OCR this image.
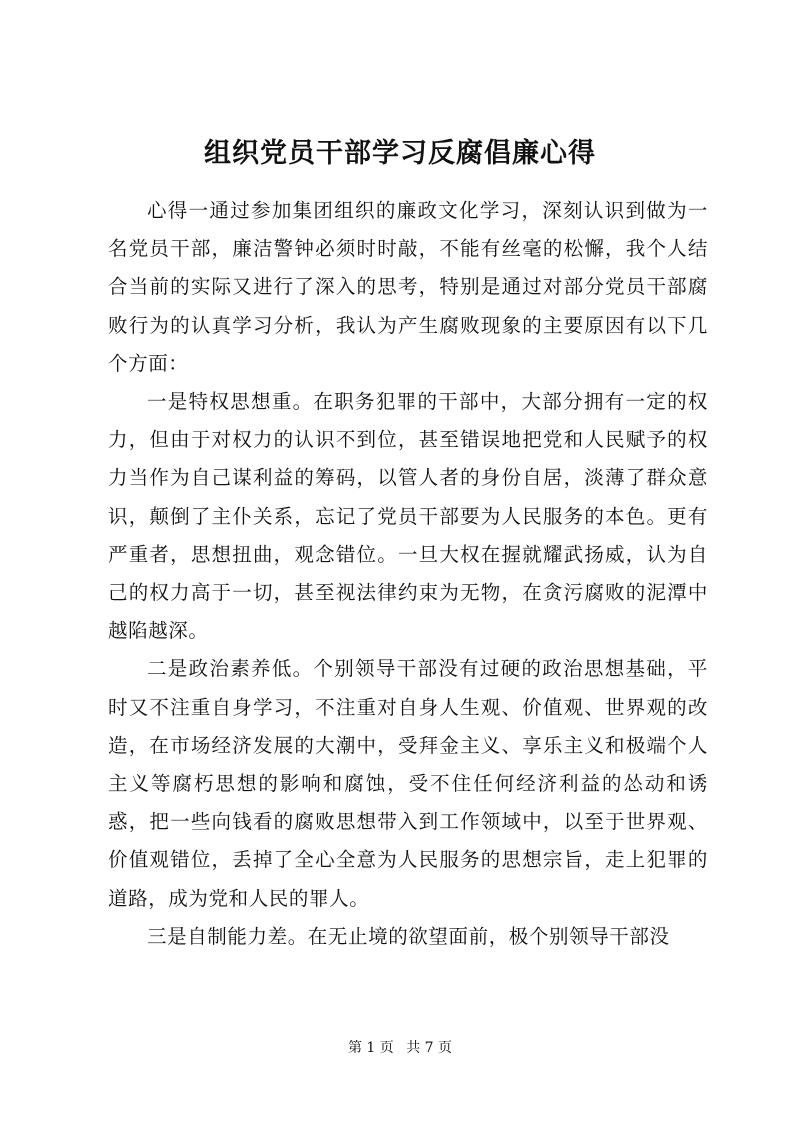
组织党员干部学习反腐倡廉心得

心得一通过参加集团组织的廉政文化学习，深刻认识到做为一名党员干部，廉洁警钟必须时时敲，不能有丝毫的松懈，我个人结合当前的实际又进行了深入的思考，特别是通过对部分党员干部腐败行为的认真学习分析，我认为产生腐败现象的主要原因有以下几个方面：

一是特权思想重。在职务犯罪的干部中，大部分拥有一定的权力，但由于对权力的认识不到位，甚至错误地把党和人民赋予的权力当作为自己谋利益的筹码，以管人者的身份自居，淡薄了群众意识，颠倒了主仆关系，忘记了党员干部要为人民服务的本色。更有严重者，思想扭曲，观念错位。一旦大权在握就耀武扬威，认为自己的权力高于一切，甚至视法律约束为无物，在贪污腐败的泥潭中越陷越深。

二是政治素养低。个别领导干部没有过硬的政治思想基础，平时又不注重自身学习，不注重对自身人生观、价值观、世界观的改造，在市场经济发展的大潮中，受拜金主义、享乐主义和极端个人主义等腐朽思想的影响和腐蚀，受不住任何经济利益的怂动和诱惑，把一些向钱看的腐败思想带入到工作领域中，以至于世界观、价值观错位，丢掉了全心全意为人民服务的思想宗旨，走上犯罪的道路，成为党和人民的罪人。

三是自制能力差。在无止境的欲望面前，极个别领导干部没

第 1 页 共 7 页
